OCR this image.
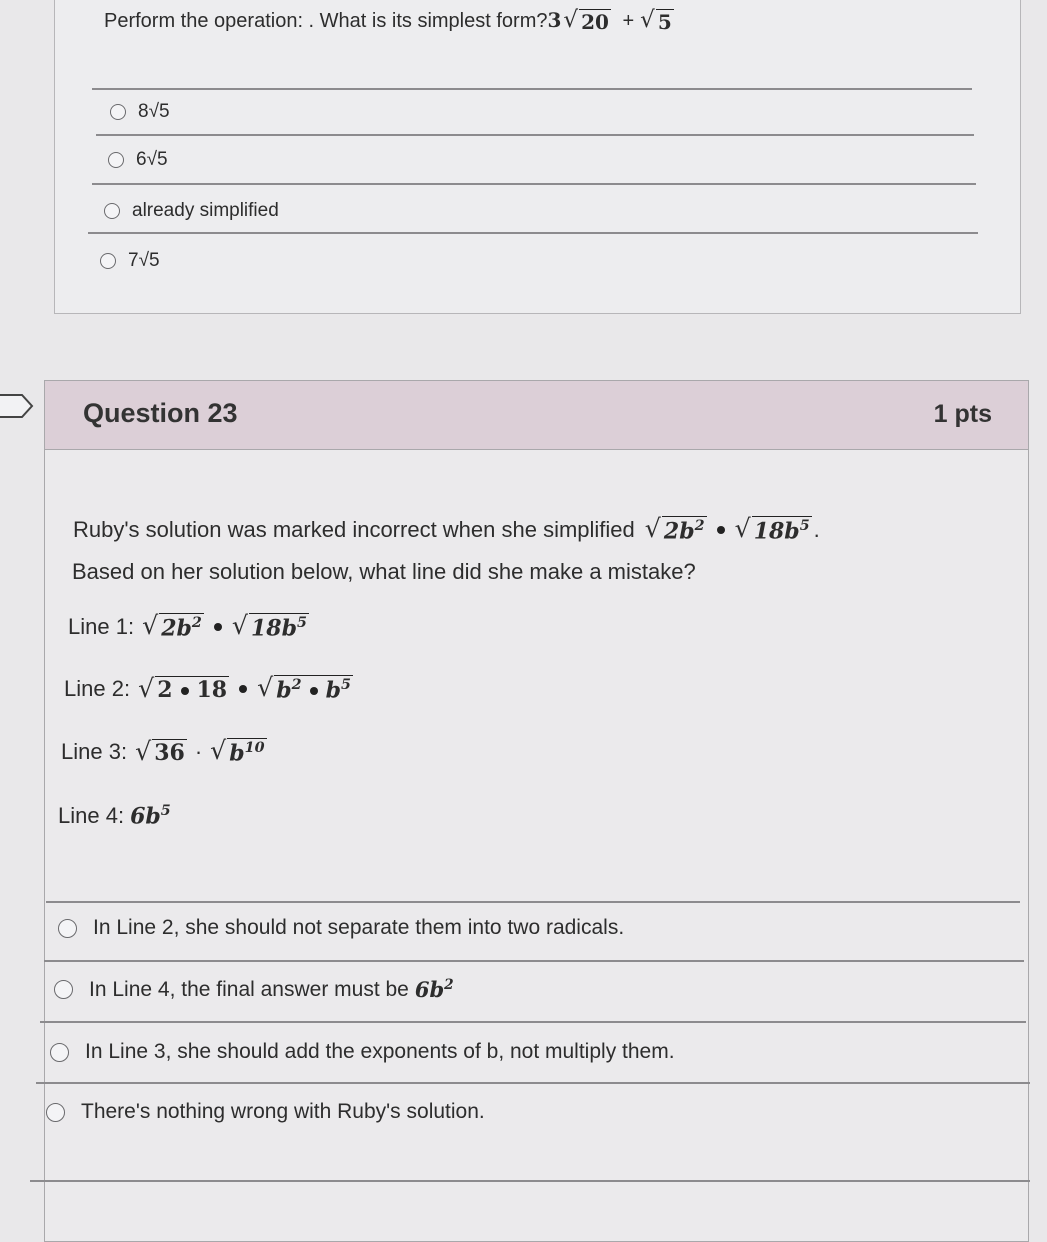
Perform the operation: . What is its simplest form?3 √ 20 + √ 5
8√5
6√5
already simplified
7√5
Question 23	1 pts
Ruby's solution was marked incorrect when she simplified √ $2b^2$ √ $18b^5$ .
Based on her solution below, what line did she make a mistake?
Line 1: √ $2b^2$ √ $18b^5$
Line 2: √ 2 18 √ $b^2$ $b^5$
Line 3: √ 36 · √ $b^{10}$
Line 4: $6b^5$
In Line 2, she should not separate them into two radicals.
In Line 4, the final answer must be $6b^2$
In Line 3, she should add the exponents of b, not multiply them.
There's nothing wrong with Ruby's solution.
